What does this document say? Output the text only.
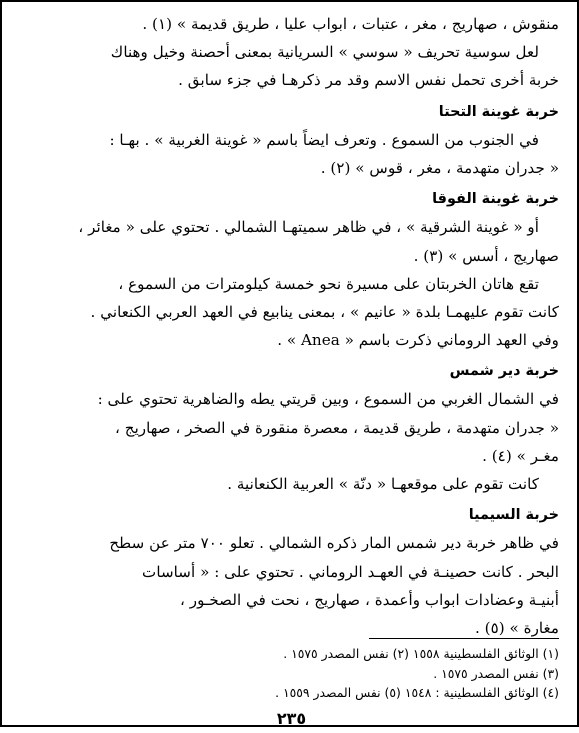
منقوش ، صهاريج ، مغر ، عتبات ، ابواب عليا ، طريق قديمة » (١) .
لعل سوسية تحريف « سوسي » السريانية بمعنى أحصنة وخيل وهناك
خربة أخرى تحمل نفس الاسم وقد مر ذكرهـا في جزء سابق .
خربة غوينة التحتا
في الجنوب من السموع . وتعرف ايضاً باسم « غوينة الغربية » . بهـا :
« جدران متهدمة ، مغر ، قوس » (٢) .
خربة غوينة الفوقا
أو « غوينة الشرقية » ، في ظاهر سميتهـا الشمالي . تحتوي على « مغائر ،
صهاريج ، أسس » (٣) .
تقع هاتان الخربتان على مسيرة نحو خمسة كيلومترات من السموع ،
كانت تقوم عليهمـا بلدة « عانيم » ، بمعنى ينابيع في العهد العربي الكنعاني .
وفي العهد الروماني ذكرت باسم « Anea » .
خربة دير شمس
في الشمال الغربي من السموع ، وبين قريتي يطه والضاهرية تحتوي على :
« جدران متهدمة ، طريق قديمة ، معصرة منقورة في الصخر ، صهاريج ،
مغـر » (٤) .
كانت تقوم على موقعهـا « دنّة » العربية الكنعانية .
خربة السيميا
في ظاهر خربة دير شمس المار ذكره الشمالي . تعلو ٧٠٠ متر عن سطح
البحر . كانت حصينـة في العهـد الروماني . تحتوي على : « أساسات
أبنيـة وعضادات ابواب وأعمدة ، صهاريج ، نحت في الصخـور ،
مغارة » (٥) .
(١) الوثائق الفلسطينية ١٥٥٨ (٢) نفس المصدر ١٥٧٥ .
(٣) نفس المصدر ١٥٧٥ .
(٤) الوثائق الفلسطينية : ١٥٤٨ (٥) نفس المصدر ١٥٥٩ .
٢٣٥
